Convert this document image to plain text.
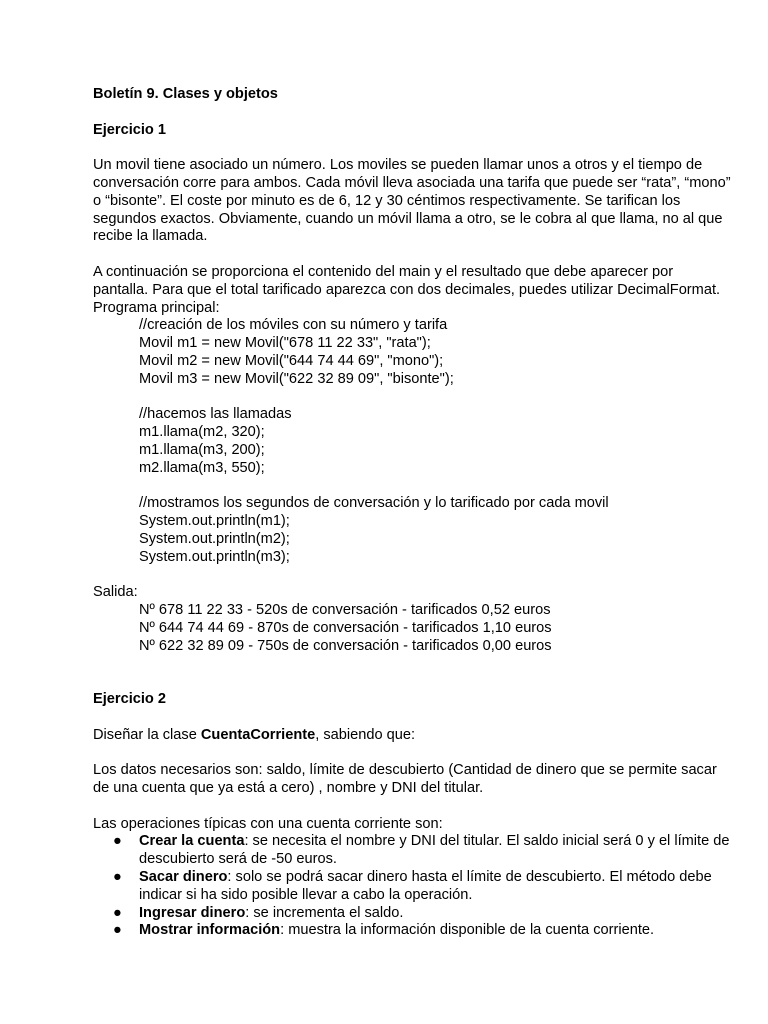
Boletín 9. Clases y objetos

Ejercicio 1

Un movil tiene asociado un número. Los moviles se pueden llamar unos a otros y el tiempo de

conversación corre para ambos. Cada móvil lleva asociada una tarifa que puede ser “rata”, “mono”

o “bisonte”. El coste por minuto es de 6, 12 y 30 céntimos respectivamente. Se tarifican los

segundos exactos. Obviamente, cuando un móvil llama a otro, se le cobra al que llama, no al que

recibe la llamada.

A continuación se proporciona el contenido del main y el resultado que debe aparecer por

pantalla. Para que el total tarificado aparezca con dos decimales, puedes utilizar DecimalFormat.

Programa principal:

//creación de los móviles con su número y tarifa

Movil m1 = new Movil("678 11 22 33", "rata");

Movil m2 = new Movil("644 74 44 69", "mono");

Movil m3 = new Movil("622 32 89 09", "bisonte");

//hacemos las llamadas

m1.llama(m2, 320);

m1.llama(m3, 200);

m2.llama(m3, 550);

//mostramos los segundos de conversación y lo tarificado por cada movil

System.out.println(m1);

System.out.println(m2);

System.out.println(m3);

Salida:

Nº 678 11 22 33 - 520s de conversación - tarificados 0,52 euros

Nº 644 74 44 69 - 870s de conversación - tarificados 1,10 euros

Nº 622 32 89 09 - 750s de conversación - tarificados 0,00 euros

Ejercicio 2

Diseñar la clase CuentaCorriente, sabiendo que:

Los datos necesarios son: saldo, límite de descubierto (Cantidad de dinero que se permite sacar

de una cuenta que ya está a cero) , nombre y DNI del titular.

Las operaciones típicas con una cuenta corriente son:

● Crear la cuenta: se necesita el nombre y DNI del titular. El saldo inicial será 0 y el límite de

descubierto será de -50 euros.

● Sacar dinero: solo se podrá sacar dinero hasta el límite de descubierto. El método debe

indicar si ha sido posible llevar a cabo la operación.

● Ingresar dinero: se incrementa el saldo.

● Mostrar información: muestra la información disponible de la cuenta corriente.
